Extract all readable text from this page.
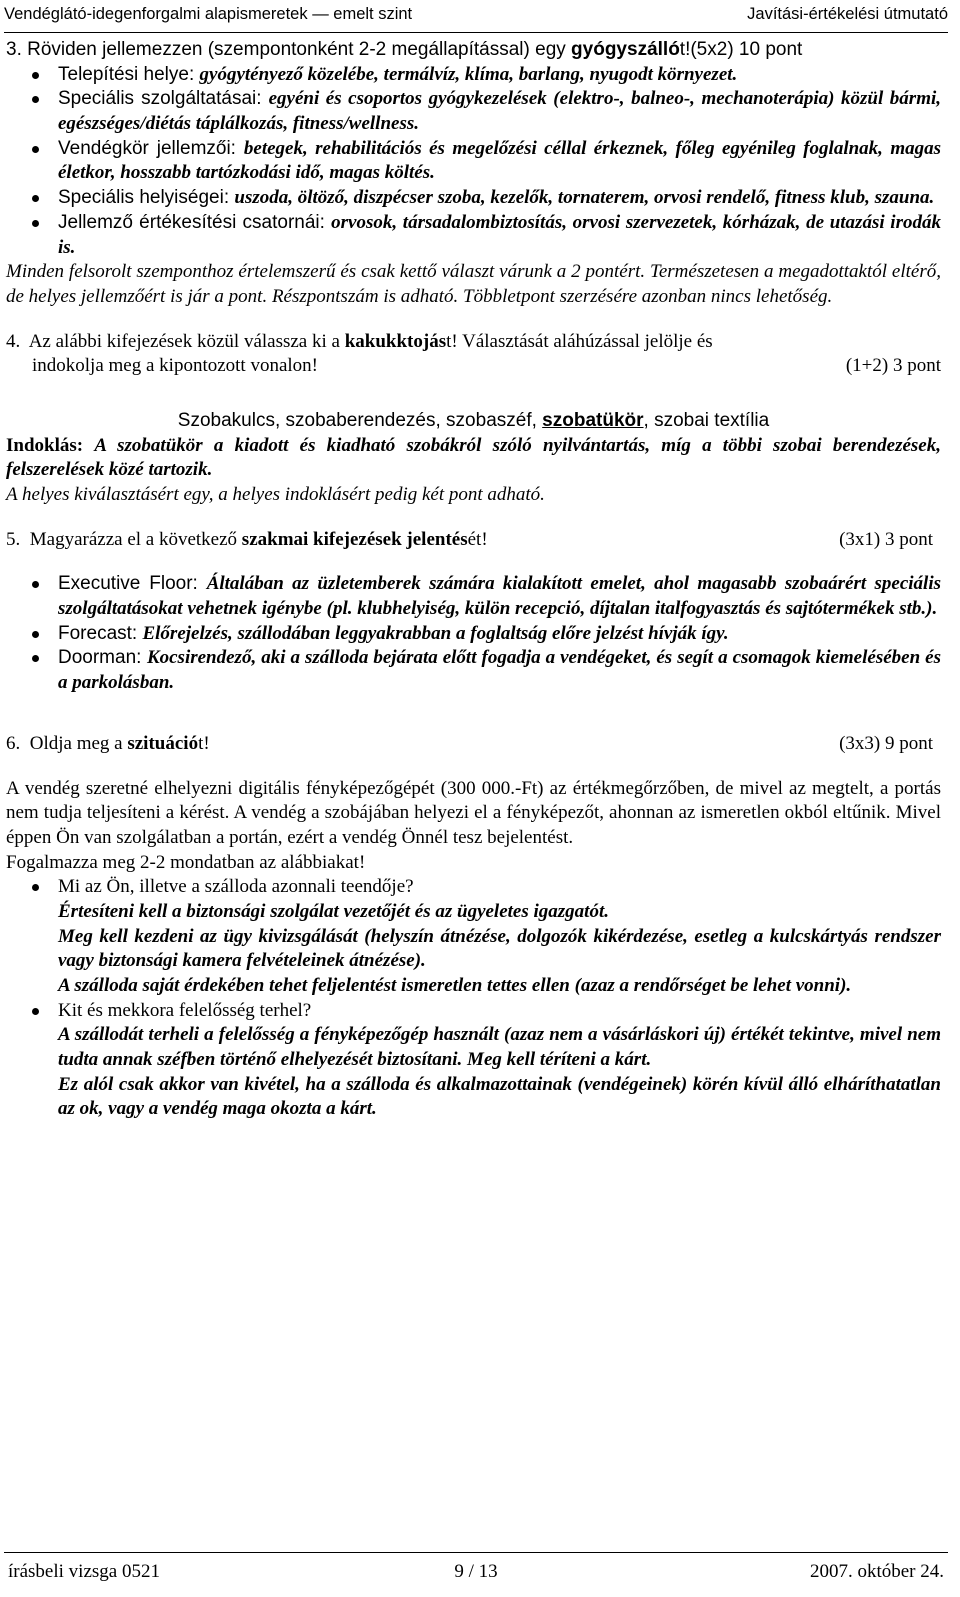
Vendéglátó-idegenforgalmi alapismeretek — emelt szint	Javítási-értékelési útmutató
3. Röviden jellemezzen (szempontonként 2-2 megállapítással) egy gyógyszállót!(5x2) 10 pont
Telepítési helye: gyógytényező közelébe, termálvíz, klíma, barlang, nyugodt környezet.
Speciális szolgáltatásai: egyéni és csoportos gyógykezelések (elektro-, balneo-, mechanoterápia) közül bármi, egészséges/diétás táplálkozás, fitness/wellness.
Vendégkör jellemzői: betegek, rehabilitációs és megelőzési céllal érkeznek, főleg egyénileg foglalnak, magas életkor, hosszabb tartózkodási idő, magas költés.
Speciális helyiségei: uszoda, öltöző, diszpécser szoba, kezelők, tornaterem, orvosi rendelő, fitness klub, szauna.
Jellemző értékesítési csatornái: orvosok, társadalombiztosítás, orvosi szervezetek, kórházak, de utazási irodák is.

Minden felsorolt szemponthoz értelemszerű és csak kettő választ várunk a 2 pontért. Természetesen a megadottaktól eltérő, de helyes jellemzőért is jár a pont. Részpontszám is adható. Többletpont szerzésére azonban nincs lehetőség.

4. Az alábbi kifejezések közül válassza ki a kakukktojást! Választását aláhúzással jelölje és
indokolja meg a kipontozott vonalon!	(1+2) 3 pont
Szobakulcs, szobaberendezés, szobaszéf, szobatükör, szobai textília

Indoklás: A szobatükör a kiadott és kiadható szobákról szóló nyilvántartás, míg a többi szobai berendezések, felszerelések közé tartozik.

A helyes kiválasztásért egy, a helyes indoklásért pedig két pont adható.

5. Magyarázza el a következő szakmai kifejezések jelentését!	(3x1) 3 pont
Executive Floor: Általában az üzletemberek számára kialakított emelet, ahol magasabb szobaárért speciális szolgáltatásokat vehetnek igénybe (pl. klubhelyiség, külön recepció, díjtalan italfogyasztás és sajtótermékek stb.).
Forecast: Előrejelzés, szállodában leggyakrabban a foglaltság előre jelzést hívják így.
Doorman: Kocsirendező, aki a szálloda bejárata előtt fogadja a vendégeket, és segít a csomagok kiemelésében és a parkolásban.
6. Oldja meg a szituációt!	(3x3) 9 pont

A vendég szeretné elhelyezni digitális fényképezőgépét (300 000.-Ft) az értékmegőrzőben, de mivel az megtelt, a portás nem tudja teljesíteni a kérést. A vendég a szobájában helyezi el a fényképezőt, ahonnan az ismeretlen okból eltűnik. Mivel éppen Ön van szolgálatban a portán, ezért a vendég Önnél tesz bejelentést.

Fogalmazza meg 2-2 mondatban az alábbiakat!

Mi az Ön, illetve a szálloda azonnali teendője?
Értesíteni kell a biztonsági szolgálat vezetőjét és az ügyeletes igazgatót.
Meg kell kezdeni az ügy kivizsgálását (helyszín átnézése, dolgozók kikérdezése, esetleg a kulcskártyás rendszer vagy biztonsági kamera felvételeinek átnézése).
A szálloda saját érdekében tehet feljelentést ismeretlen tettes ellen (azaz a rendőrséget be lehet vonni).
Kit és mekkora felelősség terhel?
A szállodát terheli a felelősség a fényképezőgép használt (azaz nem a vásárláskori új) értékét tekintve, mivel nem tudta annak széfben történő elhelyezését biztosítani. Meg kell téríteni a kárt.
Ez alól csak akkor van kivétel, ha a szálloda és alkalmazottainak (vendégeinek) körén kívül álló elháríthatatlan az ok, vagy a vendég maga okozta a kárt.
írásbeli vizsga 0521	9 / 13	2007. október 24.
